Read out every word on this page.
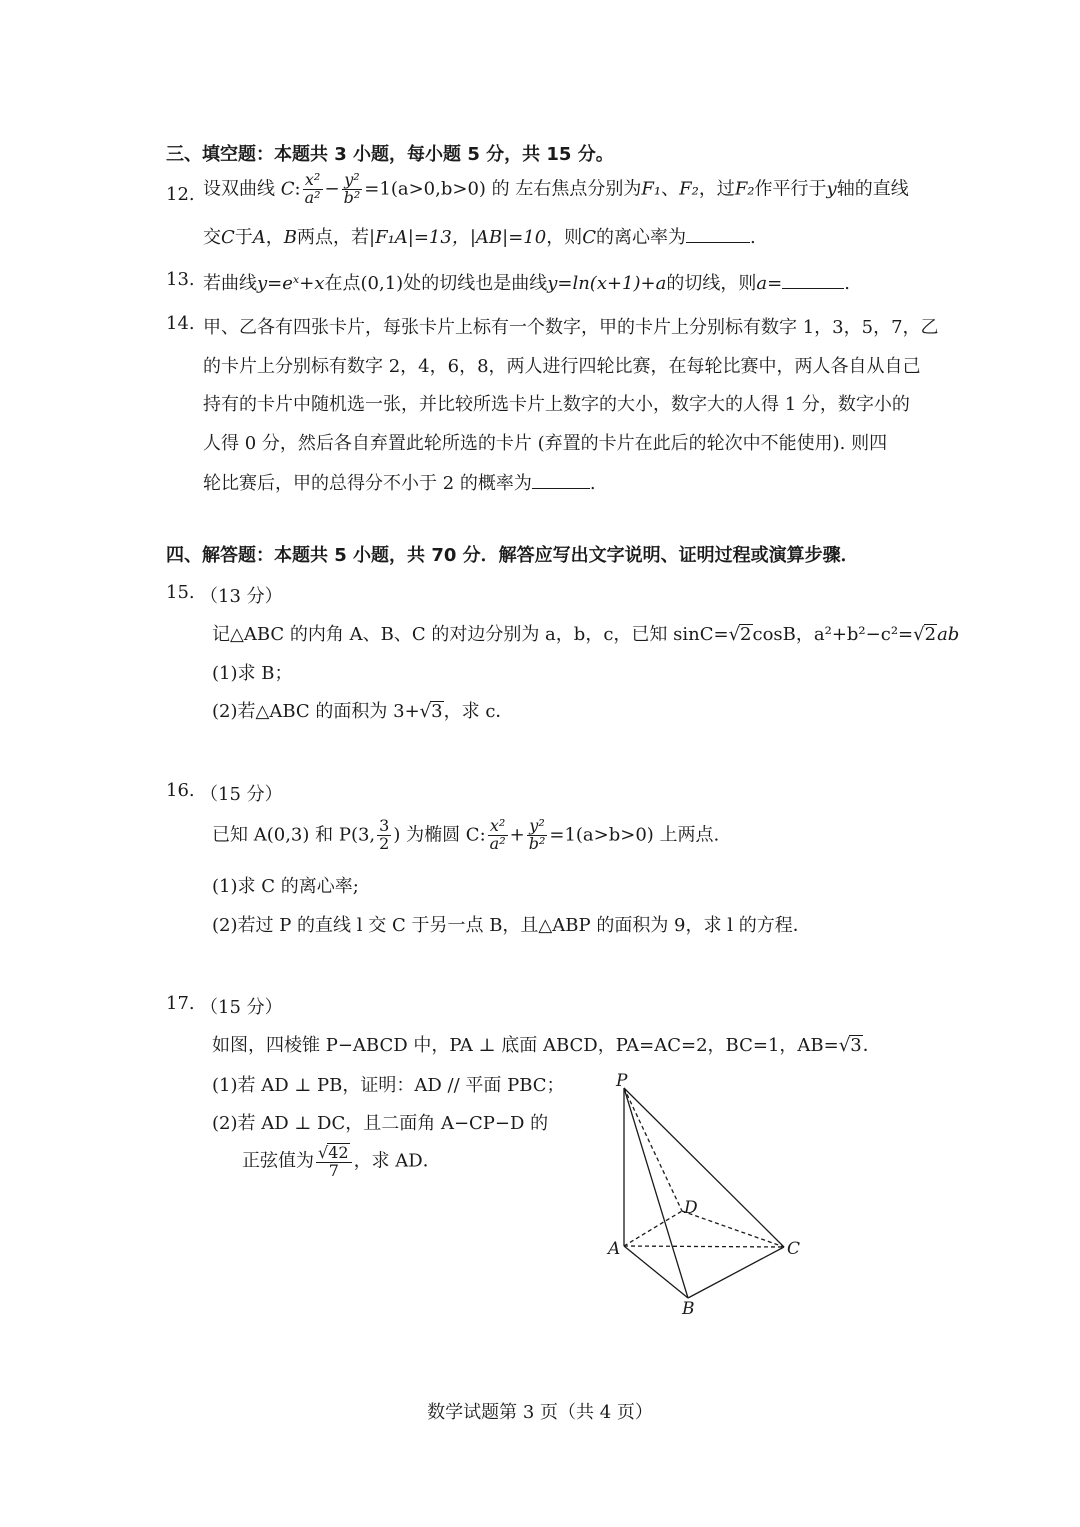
三、填空题：本题共 3 小题，每小题 5 分，共 15 分。
12. 设双曲线 C: $\frac{\text{x²}}{\text{a²}} - \frac{\text{y²}}{\text{b²}} =1(a>0,b>0)$ 的 左右焦点分别为F₁、F₂，过F₂作平行于y轴的直线
交C于A，B两点，若|F₁A|=13，|AB|=10，则C的离心率为	.
13. 若曲线y=eˣ+x在点(0,1)处的切线也是曲线y=ln(x+1)+a的切线，则a=	.
14. 甲、乙各有四张卡片，每张卡片上标有一个数字，甲的卡片上分别标有数字 1，3，5，7，乙
的卡片上分别标有数字 2，4，6，8，两人进行四轮比赛，在每轮比赛中，两人各自从自己
持有的卡片中随机选一张，并比较所选卡片上数字的大小，数字大的人得 1 分，数字小的
人得 0 分，然后各自弃置此轮所选的卡片 (弃置的卡片在此后的轮次中不能使用). 则四
轮比赛后，甲的总得分不小于 2 的概率为	.
四、解答题：本题共 5 小题，共 70 分．解答应写出文字说明、证明过程或演算步骤．
15. （13 分）
记△ABC 的内角 A、B、C 的对边分别为 a，b，c，已知 sinC=√2cosB，a²+b²−c²=√2ab
(1)求 B；
(2)若△ABC 的面积为 3+√3，求 c．
16. （15 分）
已知 A(0,3) 和 P(3, $\frac{3}{2}$ ) 为椭圆 C: $\frac{\text{x²}}{\text{a²}} + \frac{\text{y²}}{\text{b²}} =1(a>b>0)$ 上两点.
(1)求 C 的离心率;
(2)若过 P 的直线 l 交 C 于另一点 B，且△ABP 的面积为 9，求 l 的方程．
17. （15 分）
如图，四棱锥 P−ABCD 中，PA ⊥ 底面 ABCD，PA=AC=2，BC=1，AB=√3．
(1)若 AD ⊥ PB，证明：AD // 平面 PBC；
(2)若 AD ⊥ DC，且二面角 A−CP−D 的
正弦值为 $\frac{√42}{7}$ ，求 AD．
P
D
A	C
B
数学试题第 3 页（共 4 页）
